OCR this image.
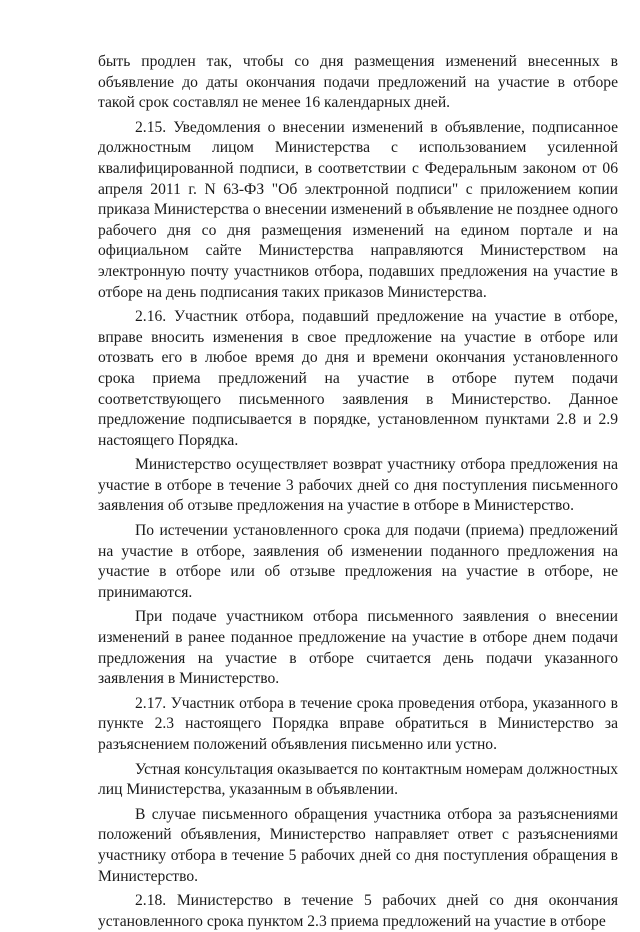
быть продлен так, чтобы со дня размещения изменений внесенных в объявление до даты окончания подачи предложений на участие в отборе такой срок составлял не менее 16 календарных дней.

2.15. Уведомления о внесении изменений в объявление, подписанное должностным лицом Министерства с использованием усиленной квалифицированной подписи, в соответствии с Федеральным законом от 06 апреля 2011 г. N 63-ФЗ "Об электронной подписи" с приложением копии приказа Министерства о внесении изменений в объявление не позднее одного рабочего дня со дня размещения изменений на едином портале и на официальном сайте Министерства направляются Министерством на электронную почту участников отбора, подавших предложения на участие в отборе на день подписания таких приказов Министерства.

2.16. Участник отбора, подавший предложение на участие в отборе, вправе вносить изменения в свое предложение на участие в отборе или отозвать его в любое время до дня и времени окончания установленного срока приема предложений на участие в отборе путем подачи соответствующего письменного заявления в Министерство. Данное предложение подписывается в порядке, установленном пунктами 2.8 и 2.9 настоящего Порядка.

Министерство осуществляет возврат участнику отбора предложения на участие в отборе в течение 3 рабочих дней со дня поступления письменного заявления об отзыве предложения на участие в отборе в Министерство.

По истечении установленного срока для подачи (приема) предложений на участие в отборе, заявления об изменении поданного предложения на участие в отборе или об отзыве предложения на участие в отборе, не принимаются.

При подаче участником отбора письменного заявления о внесении изменений в ранее поданное предложение на участие в отборе днем подачи предложения на участие в отборе считается день подачи указанного заявления в Министерство.

2.17. Участник отбора в течение срока проведения отбора, указанного в пункте 2.3 настоящего Порядка вправе обратиться в Министерство за разъяснением положений объявления письменно или устно.

Устная консультация оказывается по контактным номерам должностных лиц Министерства, указанным в объявлении.

В случае письменного обращения участника отбора за разъяснениями положений объявления, Министерство направляет ответ с разъяснениями участнику отбора в течение 5 рабочих дней со дня поступления обращения в Министерство.

2.18. Министерство в течение 5 рабочих дней со дня окончания установленного срока пунктом 2.3 приема предложений на участие в отборе
